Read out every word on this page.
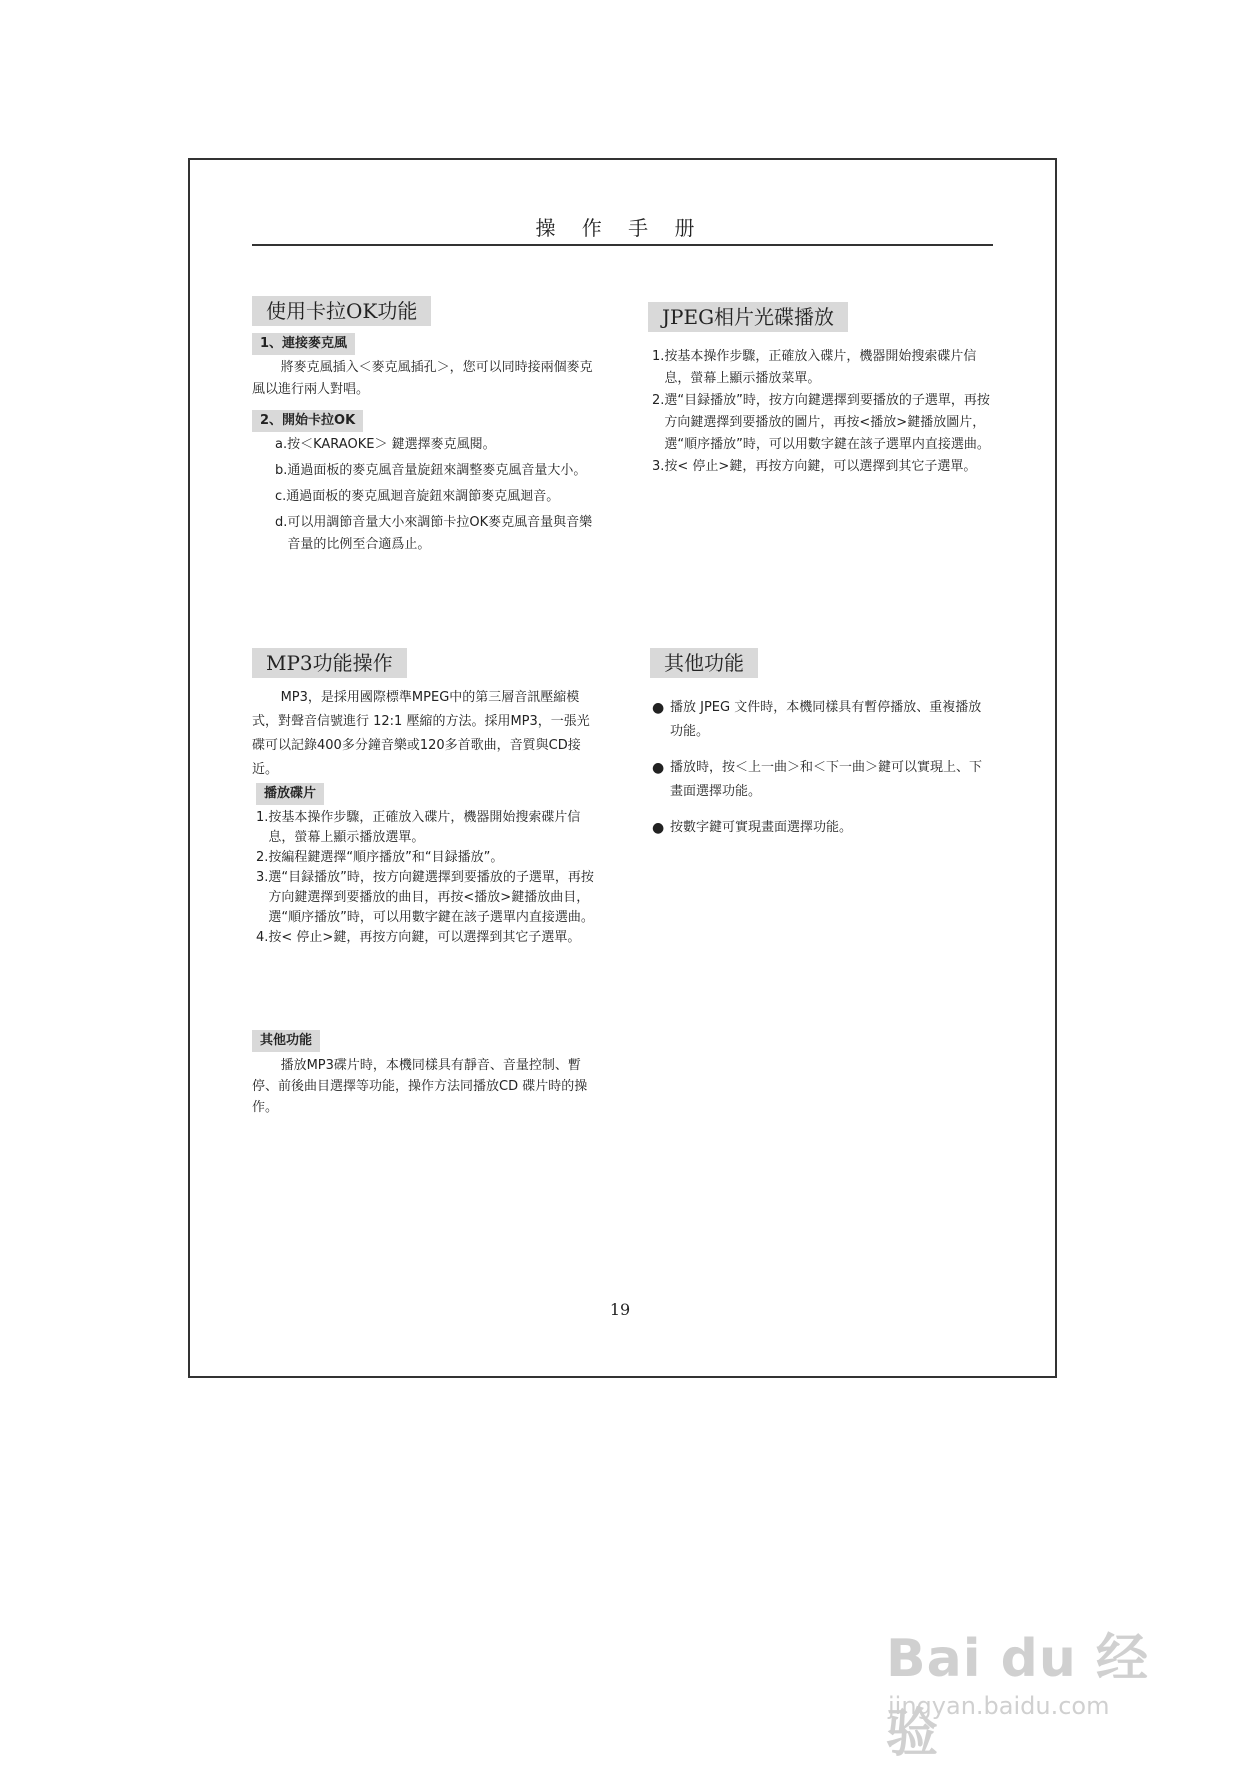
操 作 手 册
使用卡拉OK功能
1、連接麥克風
將麥克風插入＜麥克風插孔＞，您可以同時接兩個麥克風以進行兩人對唱。
2、開始卡拉OK
a. 按＜KARAOKE＞ 鍵選擇麥克風閱。
b. 通過面板的麥克風音量旋鈕來調整麥克風音量大小。
c. 通過面板的麥克風迴音旋鈕來調節麥克風迴音。
d. 可以用調節音量大小來調節卡拉OK麥克風音量與音樂音量的比例至合適爲止。
JPEG相片光碟播放
1. 按基本操作步驟，正確放入碟片，機器開始搜索碟片信息，螢幕上顯示播放菜單。
2. 選“目録播放”時，按方向鍵選擇到要播放的子選單，再按方向鍵選擇到要播放的圖片，再按<播放>鍵播放圖片，選“順序播放”時，可以用數字鍵在該子選單内直接選曲。
3. 按< 停止>鍵，再按方向鍵，可以選擇到其它子選單。
MP3功能操作
MP3，是採用國際標準MPEG中的第三層音訊壓縮模式，對聲音信號進行 12:1 壓縮的方法。採用MP3，一張光碟可以記錄400多分鐘音樂或120多首歌曲，音質與CD接近。
播放碟片
1. 按基本操作步驟，正確放入碟片，機器開始搜索碟片信息，螢幕上顯示播放選單。
2. 按編程鍵選擇“順序播放”和“目録播放”。
3. 選“目録播放”時，按方向鍵選擇到要播放的子選單，再按方向鍵選擇到要播放的曲目，再按<播放>鍵播放曲目，選“順序播放”時，可以用數字鍵在該子選單内直接選曲。
4. 按< 停止>鍵，再按方向鍵，可以選擇到其它子選單。
其他功能
播放MP3碟片時，本機同樣具有靜音、音量控制、暫停、前後曲目選擇等功能，操作方法同播放CD 碟片時的操作。
其他功能
● 播放 JPEG 文件時，本機同樣具有暫停播放、重複播放 功能。
● 播放時，按＜上一曲＞和＜下一曲＞鍵可以實現上、下畫面選擇功能。
● 按數字鍵可實現畫面選擇功能。
19
Bai du 经验
jingyan.baidu.com
